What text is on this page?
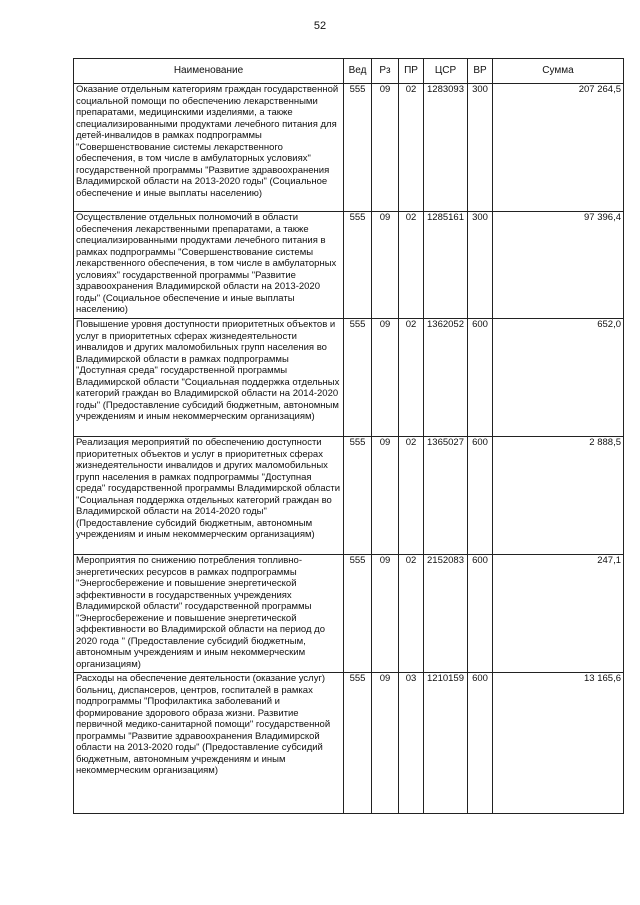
52
Наименование	Вед	Рз	ПР	ЦСР	ВР	Сумма
Оказание отдельным категориям граждан государственной социальной помощи по обеспечению лекарственными препаратами, медицинскими изделиями, а также специализированными продуктами лечебного питания для детей-инвалидов в рамках подпрограммы "Совершенствование системы лекарственного обеспечения, в том числе в амбулаторных условиях" государственной программы "Развитие здравоохранения Владимирской области на 2013-2020 годы" (Социальное обеспечение и иные выплаты населению)	555	09	02	1283093	300	207 264,5
Осуществление отдельных полномочий в области обеспечения лекарственными препаратами, а также специализированными продуктами лечебного питания в рамках подпрограммы "Совершенствование системы лекарственного обеспечения, в том числе в амбулаторных условиях" государственной программы "Развитие здравоохранения Владимирской области на 2013-2020 годы" (Социальное обеспечение и иные выплаты населению)	555	09	02	1285161	300	97 396,4
Повышение уровня доступности приоритетных объектов и услуг в приоритетных сферах жизнедеятельности инвалидов и других маломобильных групп населения во Владимирской области в рамках подпрограммы "Доступная среда" государственной программы Владимирской области "Социальная поддержка отдельных категорий граждан во Владимирской области на 2014-2020 годы" (Предоставление субсидий бюджетным, автономным учреждениям и иным некоммерческим организациям)	555	09	02	1362052	600	652,0
Реализация мероприятий по обеспечению доступности приоритетных объектов и услуг в приоритетных сферах жизнедеятельности инвалидов и других маломобильных групп населения в рамках подпрограммы "Доступная среда" государственной программы Владимирской области "Социальная поддержка отдельных категорий граждан во Владимирской области на 2014-2020 годы" (Предоставление субсидий бюджетным, автономным учреждениям и иным некоммерческим организациям)	555	09	02	1365027	600	2 888,5
Мероприятия по снижению потребления топливно-энергетических ресурсов в рамках подпрограммы "Энергосбережение и повышение энергетической эффективности в государственных учреждениях Владимирской области" государственной программы "Энергосбережение и повышение энергетической эффективности во Владимирской области на период до 2020 года " (Предоставление субсидий бюджетным, автономным учреждениям и иным некоммерческим организациям)	555	09	02	2152083	600	247,1
Расходы на обеспечение деятельности (оказание услуг) больниц, диспансеров, центров, госпиталей в рамках подпрограммы "Профилактика заболеваний и формирование здорового образа жизни. Развитие первичной медико-санитарной помощи" государственной программы "Развитие здравоохранения Владимирской области на 2013-2020 годы" (Предоставление субсидий бюджетным, автономным учреждениям и иным некоммерческим организациям)	555	09	03	1210159	600	13 165,6
